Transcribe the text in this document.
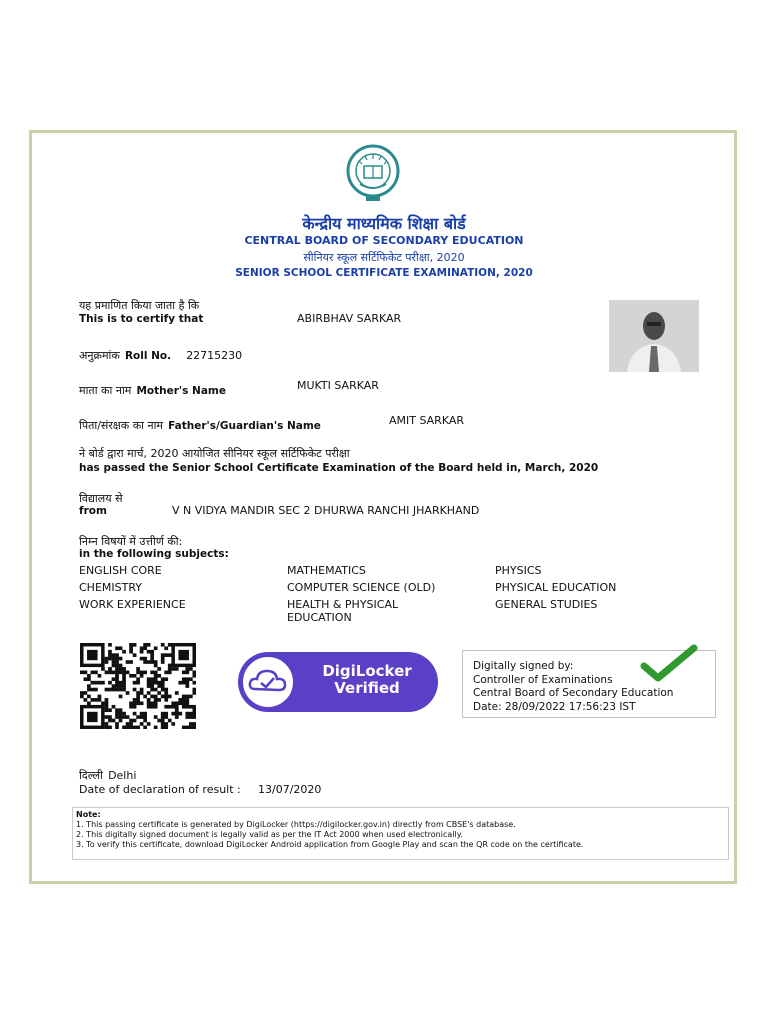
केन्द्रीय माध्यमिक शिक्षा बोर्ड
CENTRAL BOARD OF SECONDARY EDUCATION
सीनियर स्कूल सर्टिफिकेट परीक्षा, 2020
SENIOR SCHOOL CERTIFICATE EXAMINATION, 2020
यह प्रमाणित किया जाता है कि
This is to certify that	ABIRBHAV SARKAR
अनुक्रमांक Roll No. 22715230
माता का नाम Mother's Name	MUKTI SARKAR
पिता/संरक्षक का नाम Father's/Guardian's Name	AMIT SARKAR
ने बोर्ड द्वारा मार्च, 2020 आयोजित सीनियर स्कूल सर्टिफिकेट परीक्षा
has passed the Senior School Certificate Examination of the Board held in, March, 2020
विद्यालय से
from	V N VIDYA MANDIR SEC 2 DHURWA RANCHI JHARKHAND
निम्न विषयों में उत्तीर्ण की:
in the following subjects:
ENGLISH CORE	MATHEMATICS	PHYSICS
CHEMISTRY	COMPUTER SCIENCE (OLD)	PHYSICAL EDUCATION
WORK EXPERIENCE	HEALTH & PHYSICAL	GENERAL STUDIES
EDUCATION
DigiLocker
Verified
Digitally signed by:
Controller of Examinations
Central Board of Secondary Education
Date: 28/09/2022 17:56:23 IST
दिल्ली Delhi
Date of declaration of result : 13/07/2020
Note:
1. This passing certificate is generated by DigiLocker (https://digilocker.gov.in) directly from CBSE's database.
2. This digitally signed document is legally valid as per the IT Act 2000 when used electronically.
3. To verify this certificate, download DigiLocker Android application from Google Play and scan the QR code on the certificate.
